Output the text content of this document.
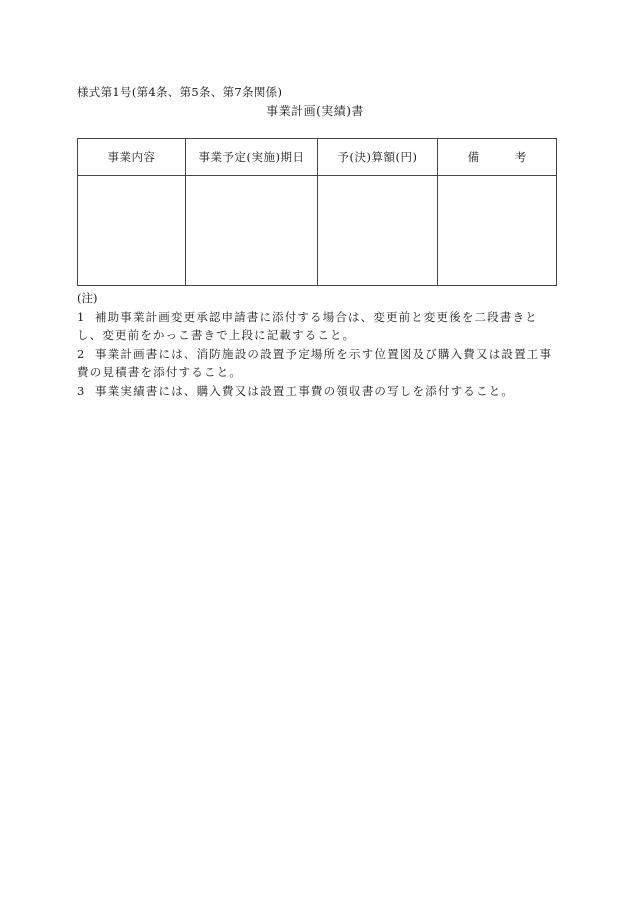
様式第1号(第4条、第5条、第7条関係)
事業計画(実績)書
事業内容	事業予定(実施)期日	予(決)算額(円)	備　考

(注)
1 補助事業計画変更承認申請書に添付する場合は、変更前と変更後を二段書きとし、変更前をかっこ書きで上段に記載すること。
2 事業計画書には、消防施設の設置予定場所を示す位置図及び購入費又は設置工事費の見積書を添付すること。
3 事業実績書には、購入費又は設置工事費の領収書の写しを添付すること。
